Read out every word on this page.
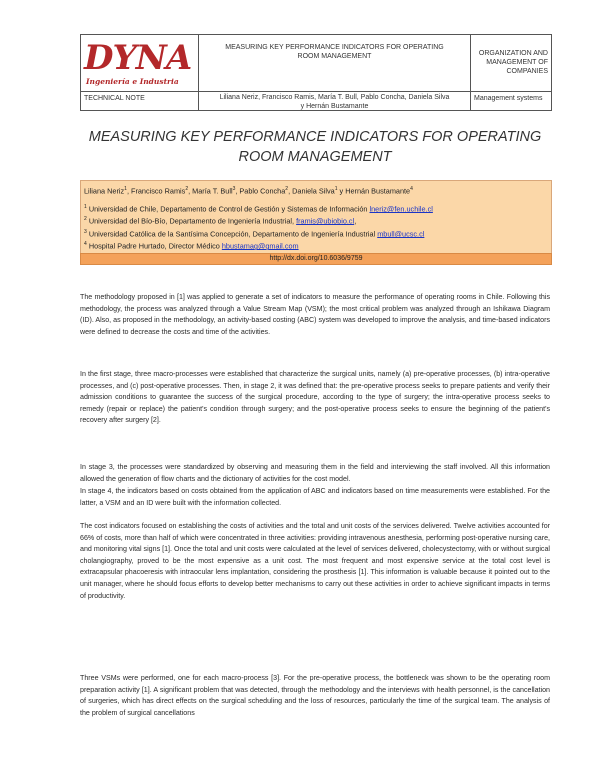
DYNA
Ingeniería e Industria
MEASURING KEY PERFORMANCE INDICATORS FOR OPERATING
ROOM MANAGEMENT	ORGANIZATION AND
MANAGEMENT OF
COMPANIES
TECHNICAL NOTE	Liliana Neriz, Francisco Ramis, María T. Bull, Pablo Concha, Daniela Silva
y Hernán Bustamante
Management systems
MEASURING KEY PERFORMANCE INDICATORS FOR OPERATING
ROOM MANAGEMENT
Liliana Neriz$^1$, Francisco Ramis$^2$, María T. Bull$^3$, Pablo Concha$^2$, Daniela Silva$^1$ y Hernán Bustamante$^4$
$^1$ Universidad de Chile, Departamento de Control de Gestión y Sistemas de Información lneriz@fen.uchile.cl
$^2$ Universidad del Bío-Bío, Departamento de Ingeniería Industrial, framis@ubiobio.cl,
$^3$ Universidad Católica de la Santísima Concepción, Departamento de Ingeniería Industrial mbull@ucsc.cl
$^4$ Hospital Padre Hurtado, Director Médico hbustamag@gmail.com
http://dx.doi.org/10.6036/9759
The methodology proposed in [1] was applied to generate a set of indicators to measure the performance of operating rooms in Chile. Following this methodology, the process was analyzed through a Value Stream Map (VSM); the most critical problem was analyzed through an Ishikawa Diagram (ID). Also, as proposed in the methodology, an activity-based costing (ABC) system was developed to improve the analysis, and time-based indicators were defined to decrease the costs and time of the activities.
In the first stage, three macro-processes were established that characterize the surgical units, namely (a) pre-operative processes, (b) intra-operative processes, and (c) post-operative processes. Then, in stage 2, it was defined that: the pre-operative process seeks to prepare patients and verify their admission conditions to guarantee the success of the surgical procedure, according to the type of surgery; the intra-operative process seeks to remedy (repair or replace) the patient's condition through surgery; and the post-operative process seeks to ensure the beginning of the patient's recovery after surgery [2].
In stage 3, the processes were standardized by observing and measuring them in the field and interviewing the staff involved. All this information allowed the generation of flow charts and the dictionary of activities for the cost model.
In stage 4, the indicators based on costs obtained from the application of ABC and indicators based on time measurements were established. For the latter, a VSM and an ID were built with the information collected.
The cost indicators focused on establishing the costs of activities and the total and unit costs of the services delivered. Twelve activities accounted for 66% of costs, more than half of which were concentrated in three activities: providing intravenous anesthesia, performing post-operative nursing care, and monitoring vital signs [1]. Once the total and unit costs were calculated at the level of services delivered, cholecystectomy, with or without surgical cholangiography, proved to be the most expensive as a unit cost. The most frequent and most expensive service at the total cost level is extracapsular phacoeresis with intraocular lens implantation, considering the prosthesis [1]. This information is valuable because it pointed out to the unit manager, where he should focus efforts to develop better mechanisms to carry out these activities in order to achieve significant impacts in terms of productivity.
Three VSMs were performed, one for each macro-process [3]. For the pre-operative process, the bottleneck was shown to be the operating room preparation activity [1]. A significant problem that was detected, through the methodology and the interviews with health personnel, is the cancellation of surgeries, which has direct effects on the surgical scheduling and the loss of resources, particularly the time of the surgical team. The analysis of the problem of surgical cancellations
